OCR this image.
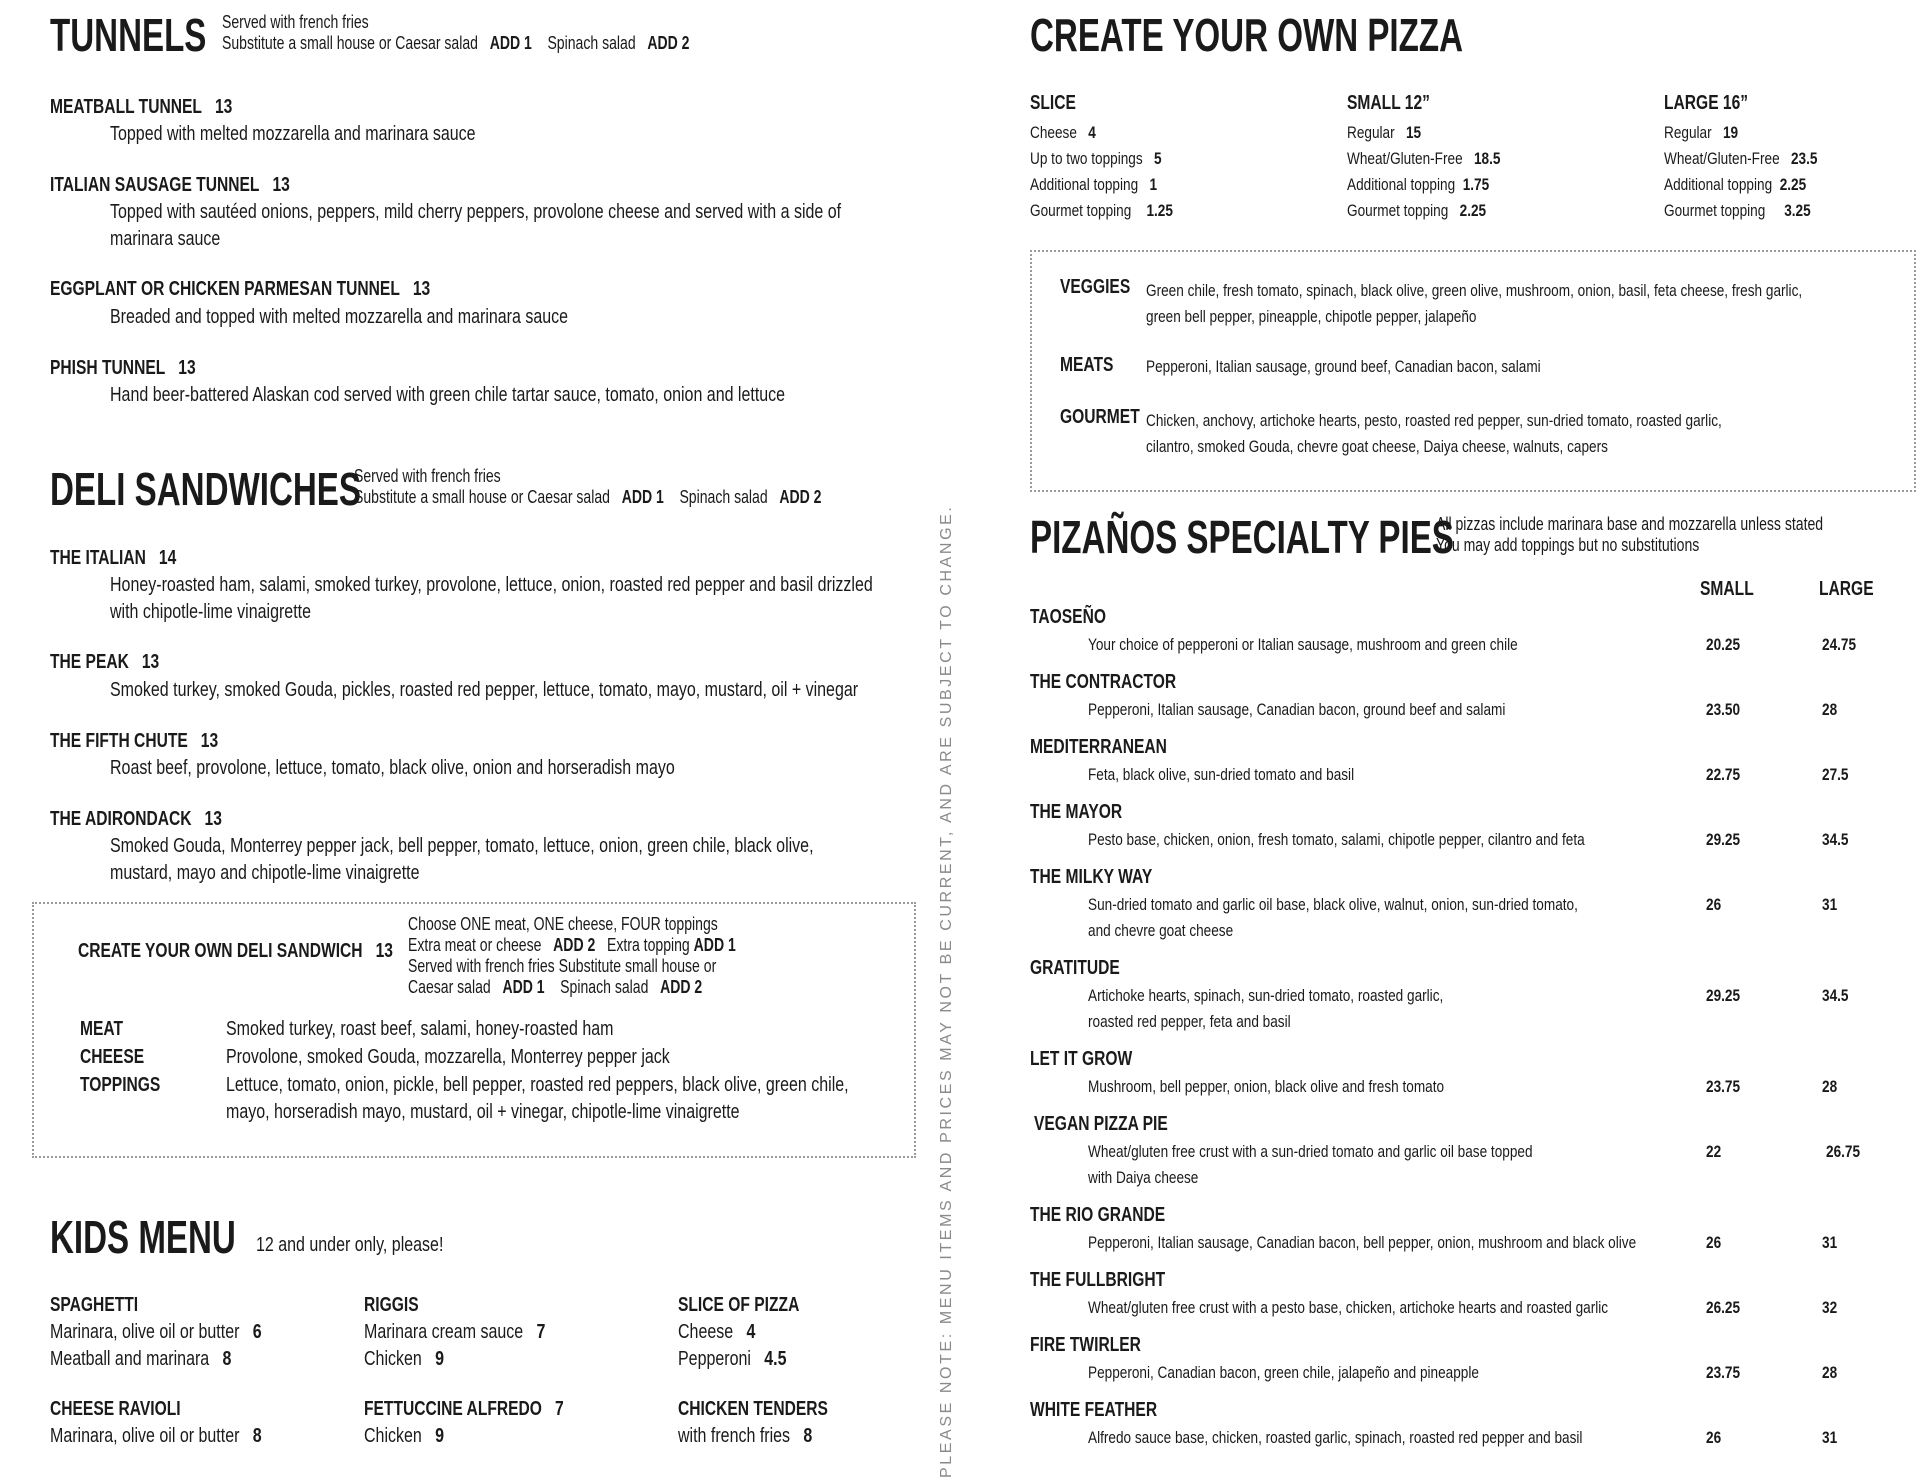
TUNNELS Served with french fries
Substitute a small house or Caesar salad ADD 1 Spinach salad ADD 2
MEATBALL TUNNEL 13
Topped with melted mozzarella and marinara sauce
ITALIAN SAUSAGE TUNNEL 13
Topped with sautéed onions, peppers, mild cherry peppers, provolone cheese and served with a side of
marinara sauce
EGGPLANT OR CHICKEN PARMESAN TUNNEL 13
Breaded and topped with melted mozzarella and marinara sauce
PHISH TUNNEL 13
Hand beer-battered Alaskan cod served with green chile tartar sauce, tomato, onion and lettuce
DELI SANDWICHES
Served with french fries
Substitute a small house or Caesar salad ADD 1 Spinach salad ADD 2
THE ITALIAN 14
Honey-roasted ham, salami, smoked turkey, provolone, lettuce, onion, roasted red pepper and basil drizzled
with chipotle-lime vinaigrette
THE PEAK 13
Smoked turkey, smoked Gouda, pickles, roasted red pepper, lettuce, tomato, mayo, mustard, oil + vinegar
THE FIFTH CHUTE 13
Roast beef, provolone, lettuce, tomato, black olive, onion and horseradish mayo
THE ADIRONDACK 13
Smoked Gouda, Monterrey pepper jack, bell pepper, tomato, lettuce, onion, green chile, black olive,
mustard, mayo and chipotle-lime vinaigrette
CREATE YOUR OWN DELI SANDWICH 13
Choose ONE meat, ONE cheese, FOUR toppings
Extra meat or cheese ADD 2 Extra topping ADD 1
Served with french fries Substitute small house or
Caesar salad ADD 1 Spinach salad ADD 2
MEAT	Smoked turkey, roast beef, salami, honey-roasted ham
CHEESE	Provolone, smoked Gouda, mozzarella, Monterrey pepper jack
TOPPINGS	Lettuce, tomato, onion, pickle, bell pepper, roasted red peppers, black olive, green chile,
mayo, horseradish mayo, mustard, oil + vinegar, chipotle-lime vinaigrette
KIDS MENU 12 and under only, please!
SPAGHETTI
Marinara, olive oil or butter 6
Meatball and marinara 8
CHEESE RAVIOLI
Marinara, olive oil or butter 8
RIGGIS
Marinara cream sauce 7
Chicken 9
FETTUCCINE ALFREDO 7
Chicken 9
SLICE OF PIZZA
Cheese 4
Pepperoni 4.5
CHICKEN TENDERS
with french fries 8	PLEASE NOTE: MENU ITEMS AND PRICES MAY NOT BE CURRENT, AND ARE SUBJECT TO CHANGE.
CREATE YOUR OWN PIZZA
SLICE
Cheese 4
Up to two toppings 5
Additional topping 1
Gourmet topping 1.25
SMALL 12”
Regular 15
Wheat/Gluten-Free 18.5
Additional topping 1.75
Gourmet topping 2.25
LARGE 16”
Regular 19
Wheat/Gluten-Free 23.5
Additional topping 2.25
Gourmet topping 3.25
VEGGIES Green chile, fresh tomato, spinach, black olive, green olive, mushroom, onion, basil, feta cheese, fresh garlic,
green bell pepper, pineapple, chipotle pepper, jalapeño
MEATS Pepperoni, Italian sausage, ground beef, Canadian bacon, salami
GOURMET Chicken, anchovy, artichoke hearts, pesto, roasted red pepper, sun-dried tomato, roasted garlic,
cilantro, smoked Gouda, chevre goat cheese, Daiya cheese, walnuts, capers
PIZAÑOS SPECIALTY PIES
All pizzas include marinara base and mozzarella unless stated
You may add toppings but no substitutions
SMALL	LARGE
TAOSEÑO
Your choice of pepperoni or Italian sausage, mushroom and green chile	20.25	24.75
THE CONTRACTOR
Pepperoni, Italian sausage, Canadian bacon, ground beef and salami	23.50	28
MEDITERRANEAN
Feta, black olive, sun-dried tomato and basil	22.75	27.5
THE MAYOR
Pesto base, chicken, onion, fresh tomato, salami, chipotle pepper, cilantro and feta	29.25	34.5
THE MILKY WAY
Sun-dried tomato and garlic oil base, black olive, walnut, onion, sun-dried tomato,
and chevre goat cheese
26	31
GRATITUDE
Artichoke hearts, spinach, sun-dried tomato, roasted garlic,
roasted red pepper, feta and basil
29.25	34.5
LET IT GROW
Mushroom, bell pepper, onion, black olive and fresh tomato	23.75	28
VEGAN PIZZA PIE
Wheat/gluten free crust with a sun-dried tomato and garlic oil base topped
with Daiya cheese
22	26.75
THE RIO GRANDE
Pepperoni, Italian sausage, Canadian bacon, bell pepper, onion, mushroom and black olive	26	31
THE FULLBRIGHT
Wheat/gluten free crust with a pesto base, chicken, artichoke hearts and roasted garlic	26.25	32
FIRE TWIRLER
Pepperoni, Canadian bacon, green chile, jalapeño and pineapple	23.75	28
WHITE FEATHER
Alfredo sauce base, chicken, roasted garlic, spinach, roasted red pepper and basil	26	31
